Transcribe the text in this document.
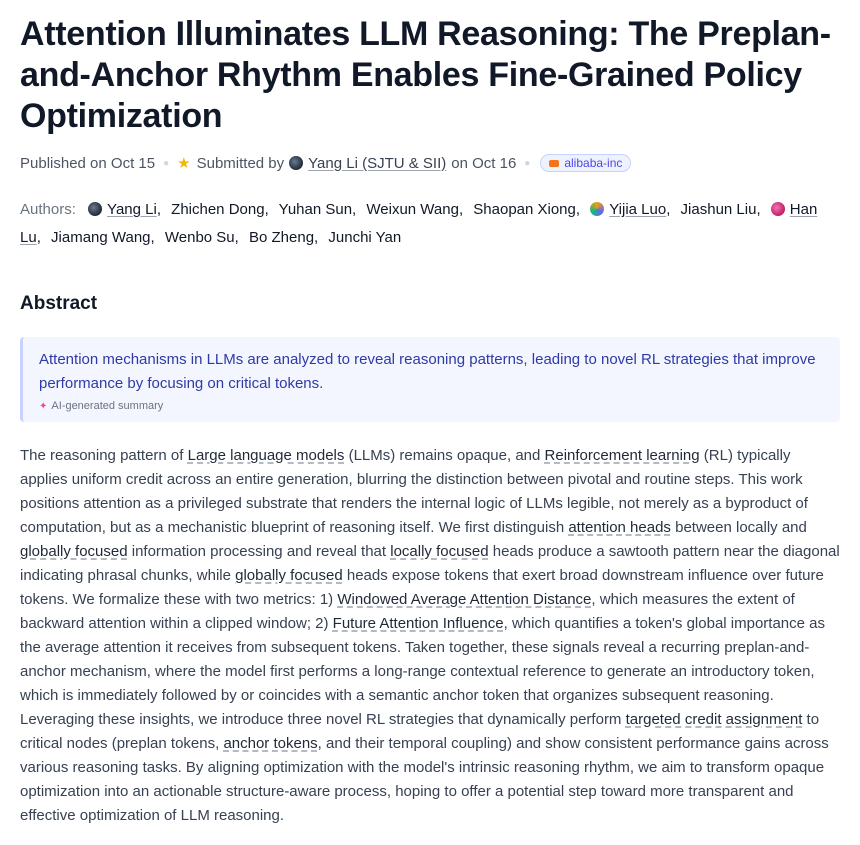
Attention Illuminates LLM Reasoning: The Preplan-and-Anchor Rhythm Enables Fine-Grained Policy Optimization
Published on Oct 15 ● ★ Submitted by	Yang Li (SJTU & SII) on Oct 16 ●	alibaba-inc
Authors: Yang Li, Zhichen Dong, Yuhan Sun, Weixun Wang, Shaopan Xiong, Yijia Luo, Jiashun Liu, Han Lu, Jiamang Wang, Wenbo Su, Bo Zheng, Junchi Yan
Abstract
Attention mechanisms in LLMs are analyzed to reveal reasoning patterns, leading to novel RL strategies that improve performance by focusing on critical tokens.
✦ AI-generated summary
The reasoning pattern of Large language models (LLMs) remains opaque, and Reinforcement learning (RL) typically applies uniform credit across an entire generation, blurring the distinction between pivotal and routine steps. This work positions attention as a privileged substrate that renders the internal logic of LLMs legible, not merely as a byproduct of computation, but as a mechanistic blueprint of reasoning itself. We first distinguish attention heads between locally and globally focused information processing and reveal that locally focused heads produce a sawtooth pattern near the diagonal indicating phrasal chunks, while globally focused heads expose tokens that exert broad downstream influence over future tokens. We formalize these with two metrics: 1) Windowed Average Attention Distance, which measures the extent of backward attention within a clipped window; 2) Future Attention Influence, which quantifies a token's global importance as the average attention it receives from subsequent tokens. Taken together, these signals reveal a recurring preplan-and-anchor mechanism, where the model first performs a long-range contextual reference to generate an introductory token, which is immediately followed by or coincides with a semantic anchor token that organizes subsequent reasoning. Leveraging these insights, we introduce three novel RL strategies that dynamically perform targeted credit assignment to critical nodes (preplan tokens, anchor tokens, and their temporal coupling) and show consistent performance gains across various reasoning tasks. By aligning optimization with the model's intrinsic reasoning rhythm, we aim to transform opaque optimization into an actionable structure-aware process, hoping to offer a potential step toward more transparent and effective optimization of LLM reasoning.
